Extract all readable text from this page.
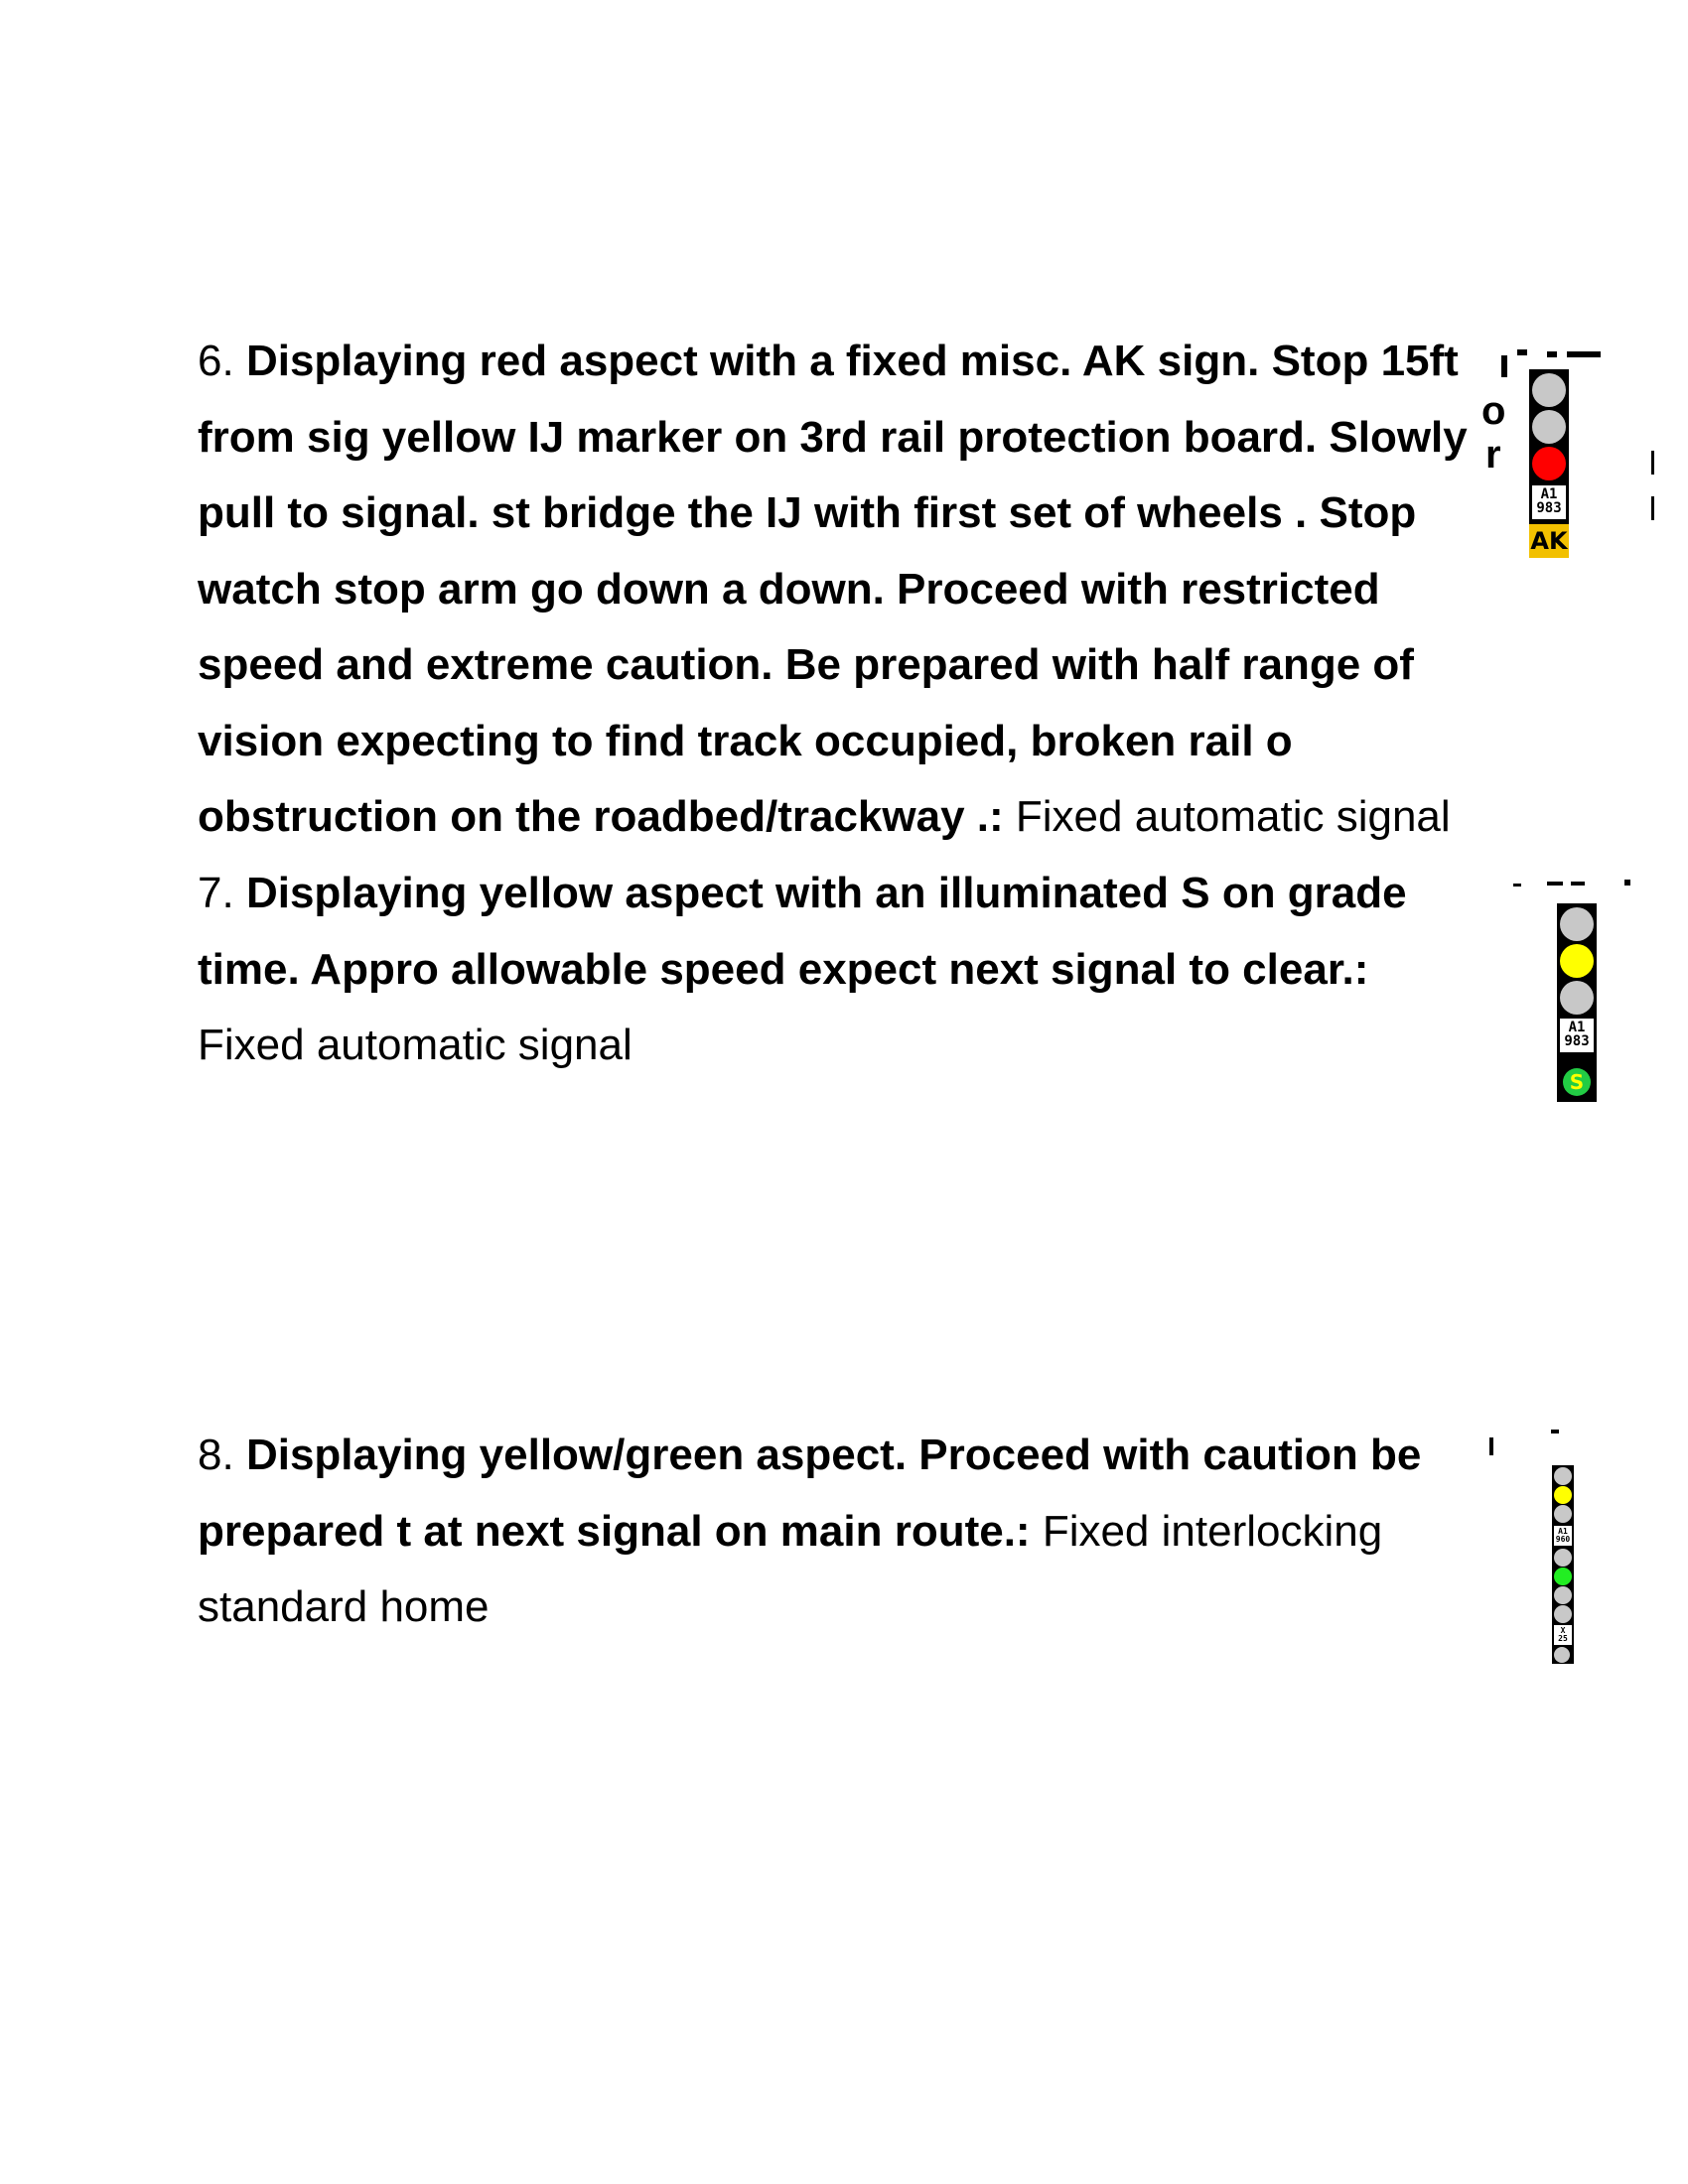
6. Displaying red aspect with a fixed misc. AK sign. Stop 15ft from sig yellow IJ marker on 3rd rail protection board. Slowly pull to signal. st bridge the IJ with first set of wheels . Stop watch stop arm go down a down. Proceed with restricted speed and extreme caution. Be prepared with half range of vision expecting to find track occupied, broken rail o obstruction on the roadbed/trackway .: Fixed automatic signal
7. Displaying yellow aspect with an illuminated S on grade time. Appro allowable speed expect next signal to clear.: Fixed automatic signal
8. Displaying yellow/green aspect. Proceed with caution be prepared t at next signal on main route.: Fixed interlocking standard home
A1
983
AK
o
r
A1
983
S
A1
960
X
25
